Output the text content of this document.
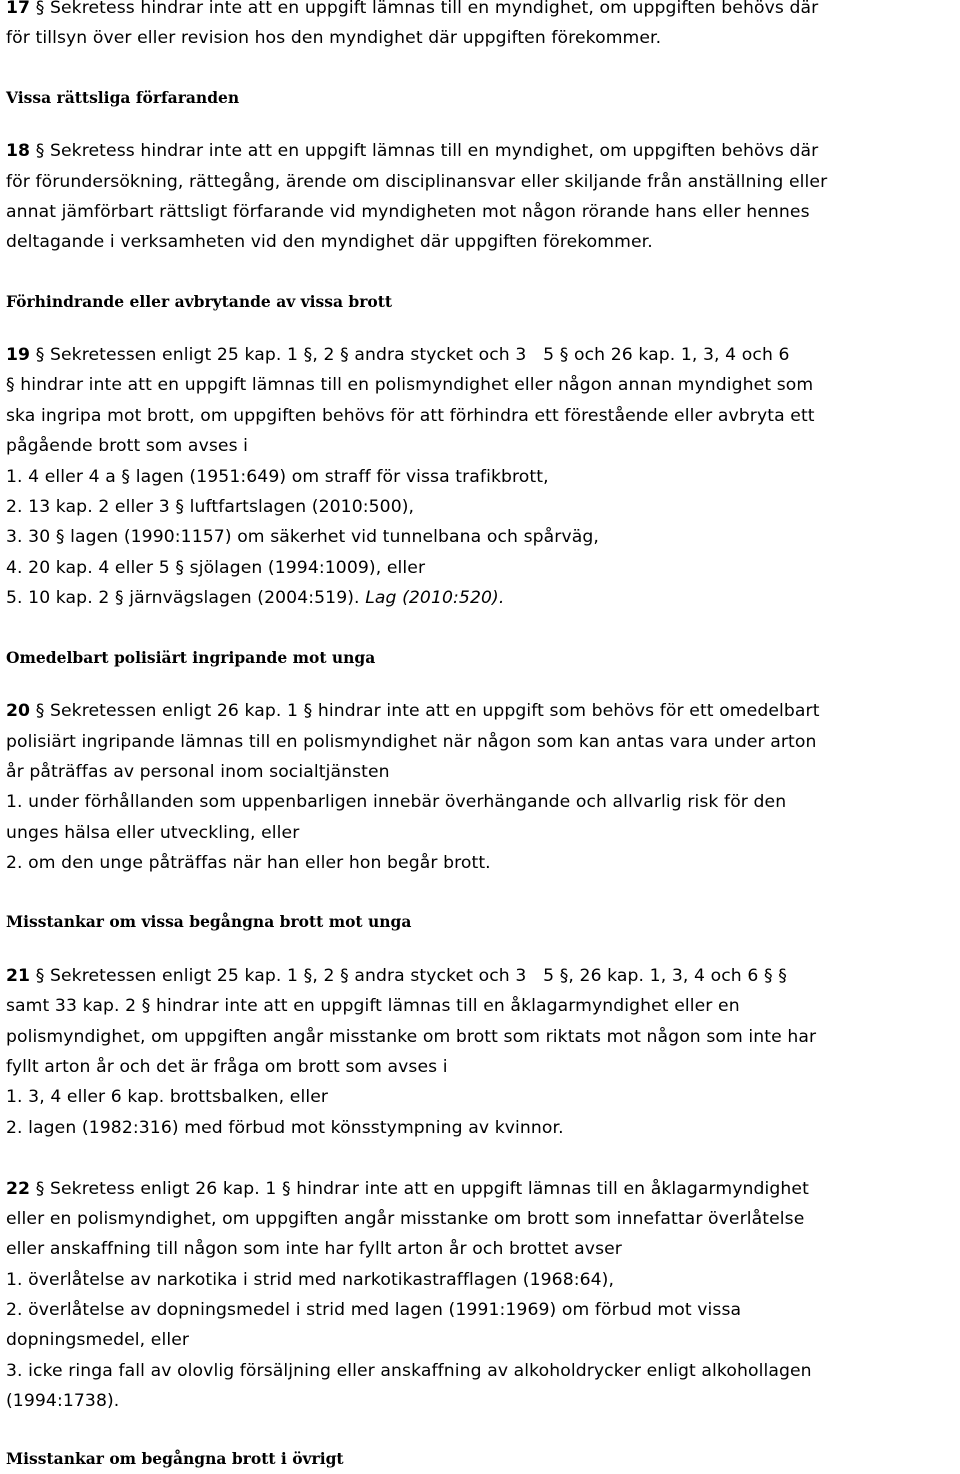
17 § Sekretess hindrar inte att en uppgift lämnas till en myndighet, om uppgiften behövs där
för tillsyn över eller revision hos den myndighet där uppgiften förekommer.
Vissa rättsliga förfaranden
18 § Sekretess hindrar inte att en uppgift lämnas till en myndighet, om uppgiften behövs där
för förundersökning, rättegång, ärende om disciplinansvar eller skiljande från anställning eller
annat jämförbart rättsligt förfarande vid myndigheten mot någon rörande hans eller hennes
deltagande i verksamheten vid den myndighet där uppgiften förekommer.
Förhindrande eller avbrytande av vissa brott
19 § Sekretessen enligt 25 kap. 1 §, 2 § andra stycket och 3 5 § och 26 kap. 1, 3, 4 och 6
§ hindrar inte att en uppgift lämnas till en polismyndighet eller någon annan myndighet som
ska ingripa mot brott, om uppgiften behövs för att förhindra ett förestående eller avbryta ett
pågående brott som avses i
1. 4 eller 4 a § lagen (1951:649) om straff för vissa trafikbrott,
2. 13 kap. 2 eller 3 § luftfartslagen (2010:500),
3. 30 § lagen (1990:1157) om säkerhet vid tunnelbana och spårväg,
4. 20 kap. 4 eller 5 § sjölagen (1994:1009), eller
5. 10 kap. 2 § järnvägslagen (2004:519). Lag (2010:520).
Omedelbart polisiärt ingripande mot unga
20 § Sekretessen enligt 26 kap. 1 § hindrar inte att en uppgift som behövs för ett omedelbart
polisiärt ingripande lämnas till en polismyndighet när någon som kan antas vara under arton
år påträffas av personal inom socialtjänsten
1. under förhållanden som uppenbarligen innebär överhängande och allvarlig risk för den
unges hälsa eller utveckling, eller
2. om den unge påträffas när han eller hon begår brott.
Misstankar om vissa begångna brott mot unga
21 § Sekretessen enligt 25 kap. 1 §, 2 § andra stycket och 3 5 §, 26 kap. 1, 3, 4 och 6 § §
samt 33 kap. 2 § hindrar inte att en uppgift lämnas till en åklagarmyndighet eller en
polismyndighet, om uppgiften angår misstanke om brott som riktats mot någon som inte har
fyllt arton år och det är fråga om brott som avses i
1. 3, 4 eller 6 kap. brottsbalken, eller
2. lagen (1982:316) med förbud mot könsstympning av kvinnor.
22 § Sekretess enligt 26 kap. 1 § hindrar inte att en uppgift lämnas till en åklagarmyndighet
eller en polismyndighet, om uppgiften angår misstanke om brott som innefattar överlåtelse
eller anskaffning till någon som inte har fyllt arton år och brottet avser
1. överlåtelse av narkotika i strid med narkotikastrafflagen (1968:64),
2. överlåtelse av dopningsmedel i strid med lagen (1991:1969) om förbud mot vissa
dopningsmedel, eller
3. icke ringa fall av olovlig försäljning eller anskaffning av alkoholdrycker enligt alkohollagen
(1994:1738).
Misstankar om begångna brott i övrigt
